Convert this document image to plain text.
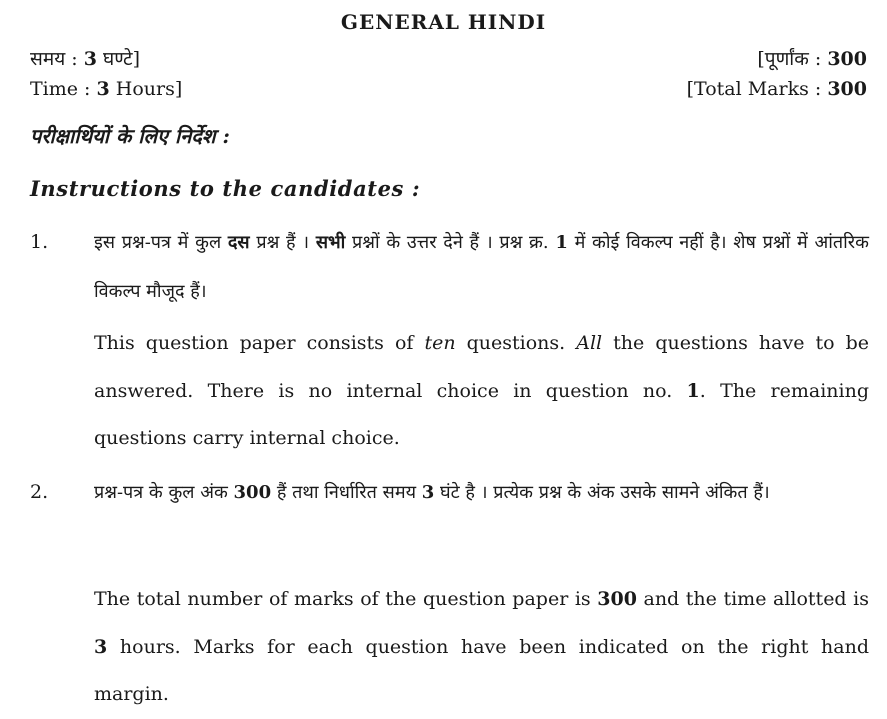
GENERAL HINDI
समय : 3 घण्टे]
Time : 3 Hours]
[पूर्णांक : 300
[Total Marks : 300
परीक्षार्थियों के लिए निर्देश :
Instructions to the candidates :
1.	इस प्रश्न-पत्र में कुल दस प्रश्न हैं । सभी प्रश्नों के उत्तर देने हैं । प्रश्न क्र. 1 में कोई विकल्प नहीं है। शेष प्रश्नों में आंतरिक विकल्प मौजूद हैं।
This question paper consists of ten questions. All the questions have to be answered. There is no internal choice in question no. 1. The remaining questions carry internal choice.
2.	प्रश्न-पत्र के कुल अंक 300 हैं तथा निर्धारित समय 3 घंटे है । प्रत्येक प्रश्न के अंक उसके सामने अंकित हैं।
The total number of marks of the question paper is 300 and the time allotted is 3 hours. Marks for each question have been indicated on the right hand margin.
